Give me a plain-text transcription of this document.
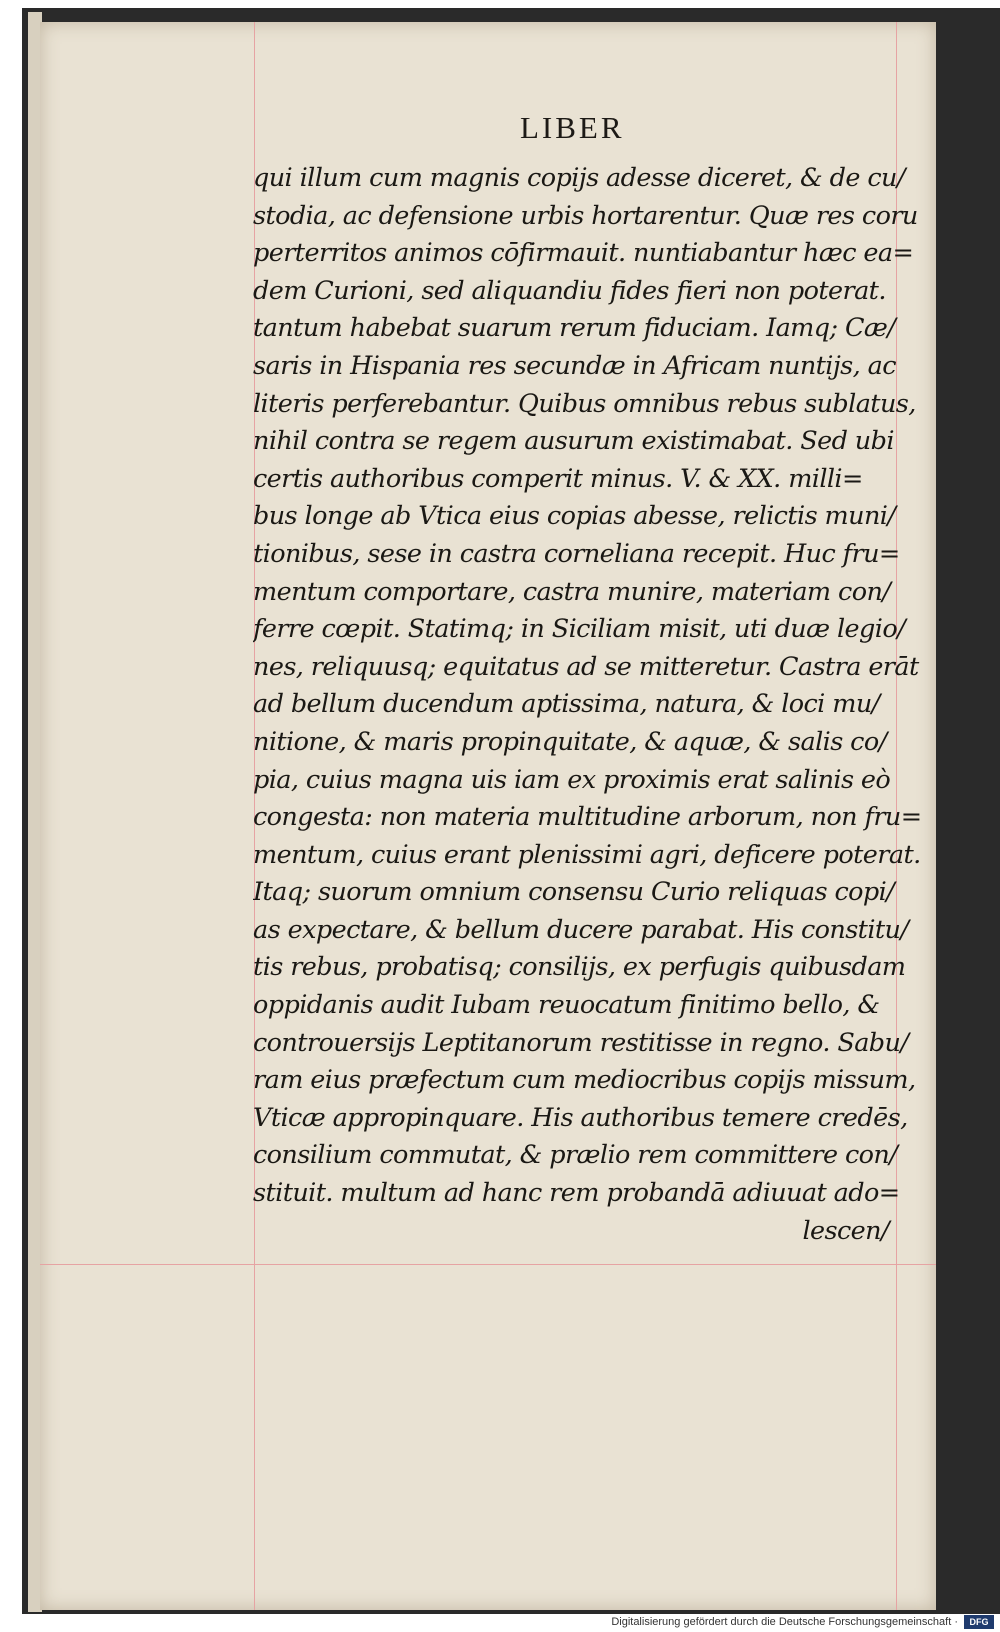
LIBER
qui illum cum magnis copijs adesse diceret, & de cu/
stodia, ac defensione urbis hortarentur. Quæ res coru
perterritos animos cōfirmauit. nuntiabantur hæc ea=
dem Curioni, sed aliquandiu fides fieri non poterat.
tantum habebat suarum rerum fiduciam. Iamq; Cæ/
saris in Hispania res secundæ in Africam nuntijs, ac
literis perferebantur. Quibus omnibus rebus sublatus,
nihil contra se regem ausurum existimabat. Sed ubi
certis authoribus comperit minus. V. & XX. milli=
bus longe ab Vtica eius copias abesse, relictis muni/
tionibus, sese in castra corneliana recepit. Huc fru=
mentum comportare, castra munire, materiam con/
ferre cœpit. Statimq; in Siciliam misit, uti duæ legio/
nes, reliquusq; equitatus ad se mitteretur. Castra erāt
ad bellum ducendum aptissima, natura, & loci mu/
nitione, & maris propinquitate, & aquæ, & salis co/
pia, cuius magna uis iam ex proximis erat salinis eò
congesta: non materia multitudine arborum, non fru=
mentum, cuius erant plenissimi agri, deficere poterat.
Itaq; suorum omnium consensu Curio reliquas copi/
as expectare, & bellum ducere parabat. His constitu/
tis rebus, probatisq; consilijs, ex perfugis quibusdam
oppidanis audit Iubam reuocatum finitimo bello, &
controuersijs Leptitanorum restitisse in regno. Sabu/
ram eius præfectum cum mediocribus copijs missum,
Vticæ appropinquare. His authoribus temere credēs,
consilium commutat, & prælio rem committere con/
stituit. multum ad hanc rem probandā adiuuat ado=
lescen/
Digitalisierung gefördert durch die Deutsche Forschungsgemeinschaft ·	DFG
